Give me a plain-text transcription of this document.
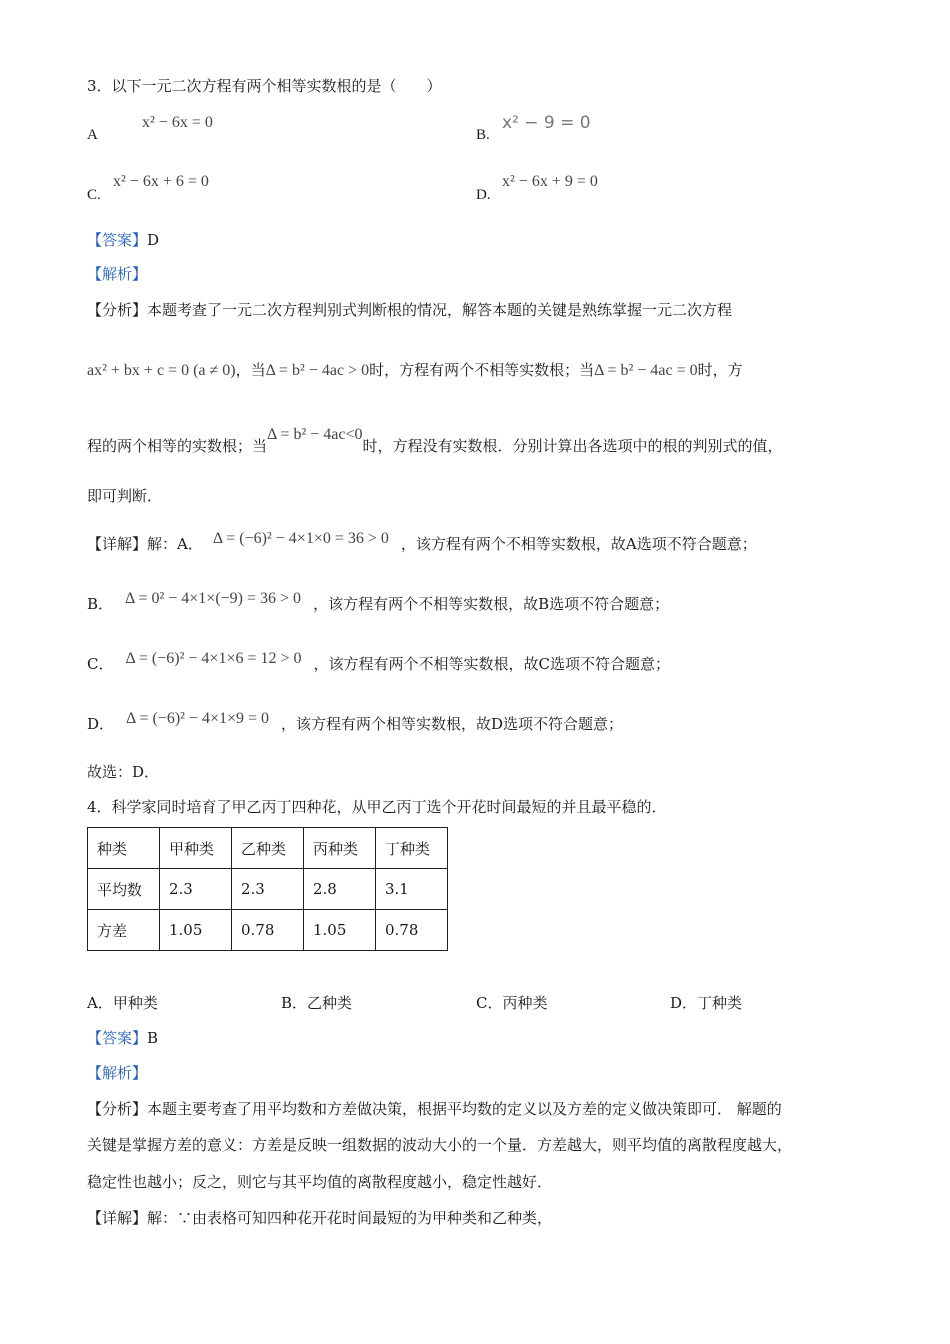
3．以下一元二次方程有两个相等实数根的是（　　）
A
x² − 6x = 0
B.
x² − 9 = 0
C.
x² − 6x + 6 = 0
D.
x² − 6x + 9 = 0
【答案】D
【解析】
【分析】本题考查了一元二次方程判别式判断根的情况，解答本题的关键是熟练掌握一元二次方程
ax² + bx + c = 0 (a ≠ 0)，当Δ = b² − 4ac > 0时，方程有两个不相等实数根；当Δ = b² − 4ac = 0时，方
程的两个相等的实数根；当Δ = b² − 4ac<0时，方程没有实数根．分别计算出各选项中的根的判别式的值，
即可判断．
【详解】解：A． Δ = (−6)² − 4×1×0 = 36 > 0 ，该方程有两个不相等实数根，故A选项不符合题意；
B． Δ = 0² − 4×1×(−9) = 36 > 0 ，该方程有两个不相等实数根，故B选项不符合题意；
C． Δ = (−6)² − 4×1×6 = 12 > 0 ，该方程有两个不相等实数根，故C选项不符合题意；
D． Δ = (−6)² − 4×1×9 = 0 ，该方程有两个相等实数根，故D选项不符合题意；
故选：D．
4．科学家同时培育了甲乙丙丁四种花，从甲乙丙丁选个开花时间最短的并且最平稳的．
种类	甲种类	乙种类	丙种类	丁种类
平均数	2.3	2.3	2.8	3.1
方差	1.05	0.78	1.05	0.78
A．甲种类	B．乙种类	C．丙种类	D．丁种类
【答案】B
【解析】
【分析】本题主要考查了用平均数和方差做决策，根据平均数的定义以及方差的定义做决策即可． 解题的
关键是掌握方差的意义：方差是反映一组数据的波动大小的一个量．方差越大，则平均值的离散程度越大，
稳定性也越小；反之，则它与其平均值的离散程度越小，稳定性越好．
【详解】解：∵由表格可知四种花开花时间最短的为甲种类和乙种类，
